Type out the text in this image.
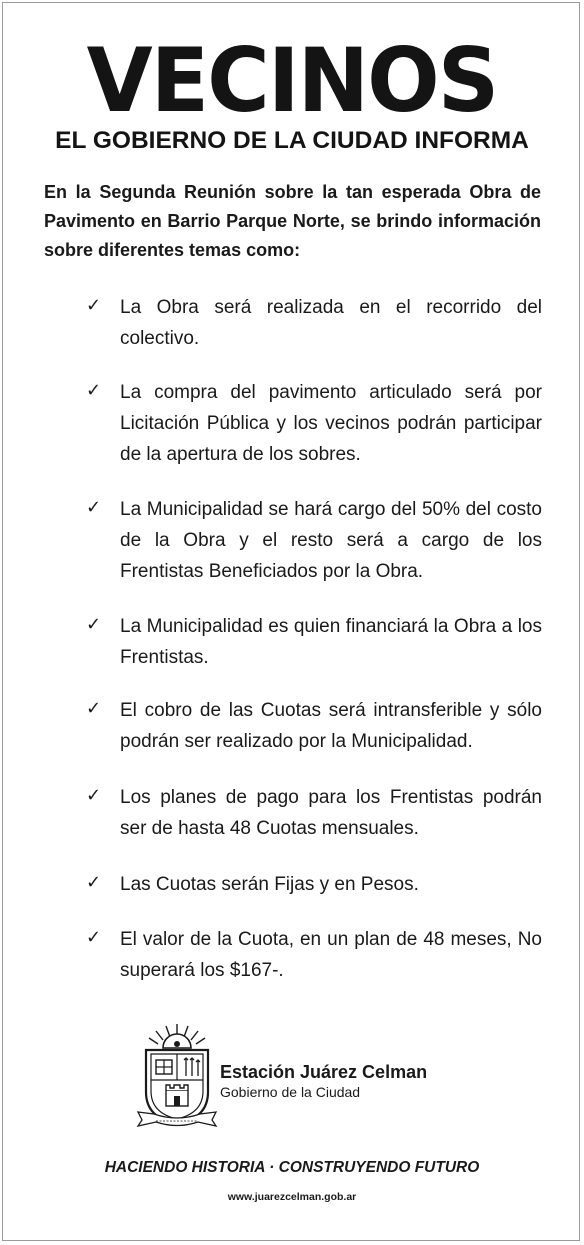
VECINOS
EL GOBIERNO DE LA CIUDAD INFORMA
En la Segunda Reunión sobre la tan esperada Obra de Pavimento en Barrio Parque Norte, se brindo información sobre diferentes temas como:
✓ La Obra será realizada en el recorrido del colectivo.
✓ La compra del pavimento articulado será por Licitación Pública y los vecinos podrán participar de la apertura de los sobres.
✓ La Municipalidad se hará cargo del 50% del costo de la Obra y el resto será a cargo de los Frentistas Beneficiados por la Obra.
✓ La Municipalidad es quien financiará la Obra a los Frentistas.
✓ El cobro de las Cuotas será intransferible y sólo podrán ser realizado por la Municipalidad.
✓ Los planes de pago para los Frentistas podrán ser de hasta 48 Cuotas mensuales.
✓ Las Cuotas serán Fijas y en Pesos.
✓ El valor de la Cuota, en un plan de 48 meses, No superará los $167-.
Estación Juárez Celman
Gobierno de la Ciudad
HACIENDO HISTORIA · CONSTRUYENDO FUTURO
www.juarezcelman.gob.ar
